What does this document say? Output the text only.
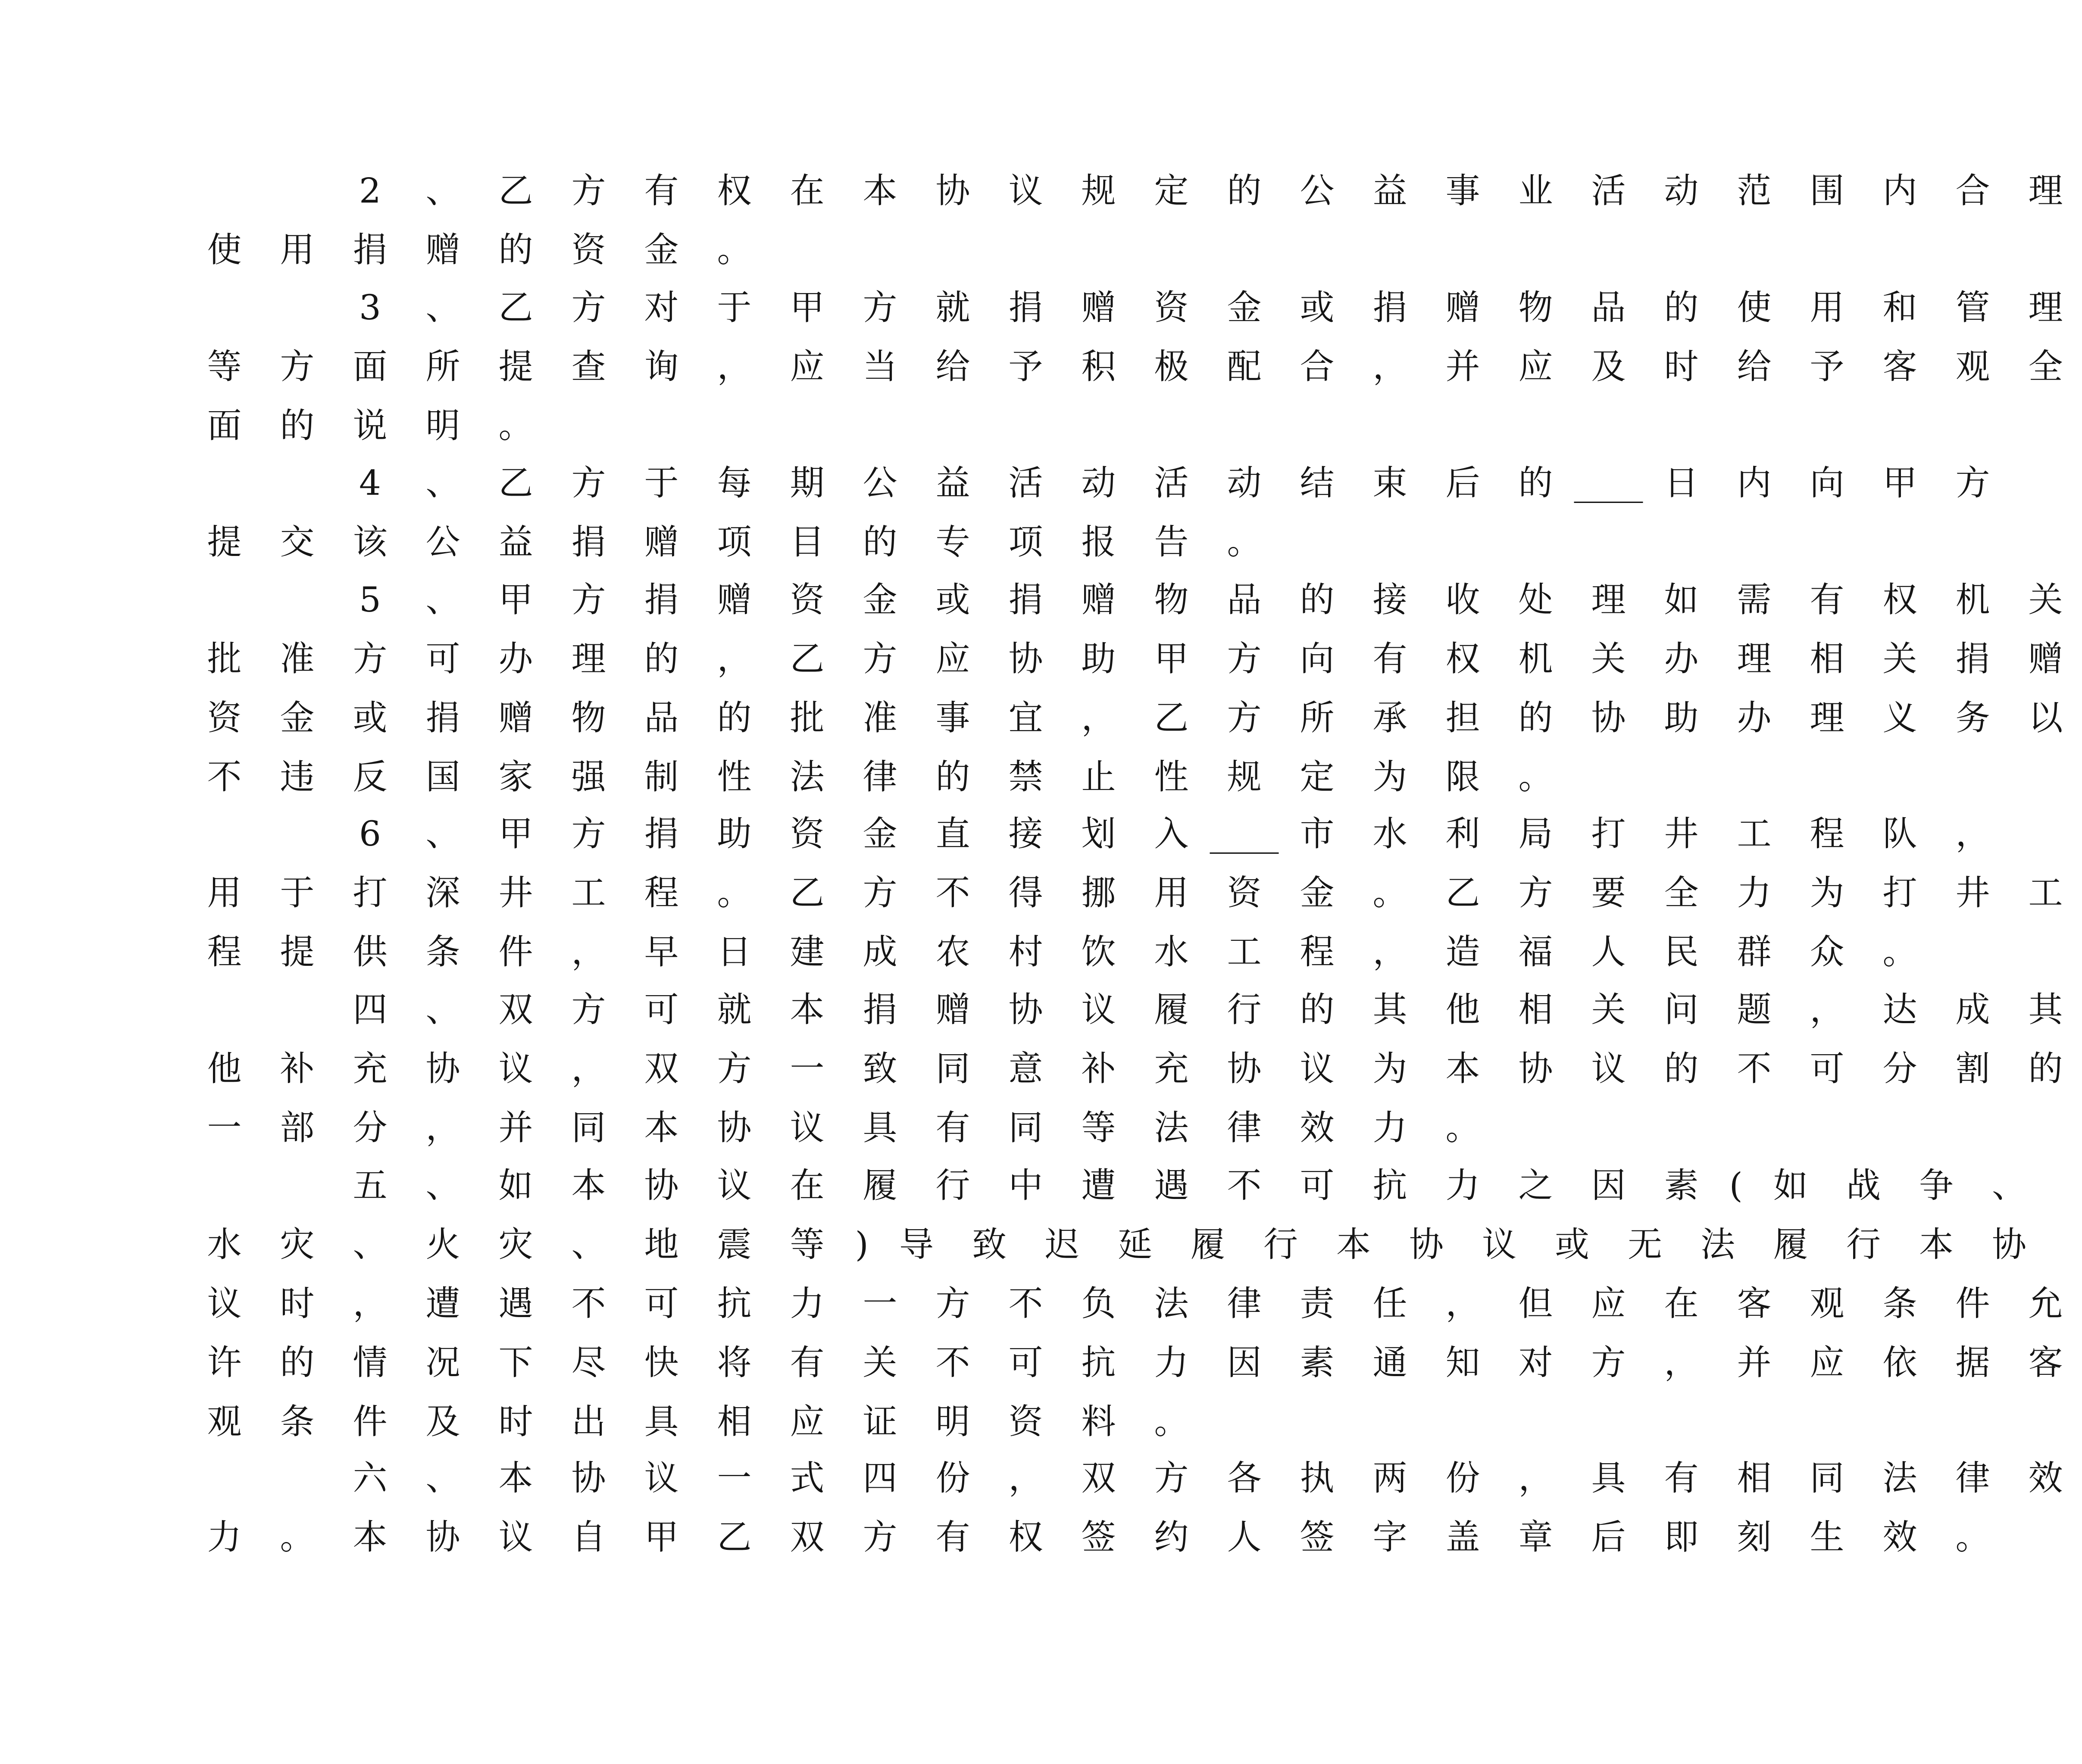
2 、 乙 方 有 权 在 本 协 议 规 定 的 公 益 事 业 活 动 范 围 内 合 理
使 用 捐 赠 的 资 金 。
3 、 乙 方 对 于 甲 方 就 捐 赠 资 金 或 捐 赠 物 品 的 使 用 和 管 理
等 方 面 所 提 查 询 ， 应 当 给 予 积 极 配 合 ， 并 应 及 时 给 予 客 观 全
面 的 说 明 。
4 、 乙 方 于 每 期 公 益 活 动 活 动 结 束 后 的 ____ 日 内 向 甲 方
提 交 该 公 益 捐 赠 项 目 的 专 项 报 告 。
5 、 甲 方 捐 赠 资 金 或 捐 赠 物 品 的 接 收 处 理 如 需 有 权 机 关
批 准 方 可 办 理 的 ， 乙 方 应 协 助 甲 方 向 有 权 机 关 办 理 相 关 捐 赠
资 金 或 捐 赠 物 品 的 批 准 事 宜 ， 乙 方 所 承 担 的 协 助 办 理 义 务 以
不 违 反 国 家 强 制 性 法 律 的 禁 止 性 规 定 为 限 。
6 、 甲 方 捐 助 资 金 直 接 划 入 ____ 市 水 利 局 打 井 工 程 队 ，
用 于 打 深 井 工 程 。 乙 方 不 得 挪 用 资 金 。 乙 方 要 全 力 为 打 井 工
程 提 供 条 件 ， 早 日 建 成 农 村 饮 水 工 程 ， 造 福 人 民 群 众 。
四 、 双 方 可 就 本 捐 赠 协 议 履 行 的 其 他 相 关 问 题 ， 达 成 其
他 补 充 协 议 ， 双 方 一 致 同 意 补 充 协 议 为 本 协 议 的 不 可 分 割 的
一 部 分 ， 并 同 本 协 议 具 有 同 等 法 律 效 力 。
五 、 如 本 协 议 在 履 行 中 遭 遇 不 可 抗 力 之 因 素 ( 如 战 争 、
水 灾 、 火 灾 、 地 震 等 ) 导 致 迟 延 履 行 本 协 议 或 无 法 履 行 本 协
议 时 ， 遭 遇 不 可 抗 力 一 方 不 负 法 律 责 任 ， 但 应 在 客 观 条 件 允
许 的 情 况 下 尽 快 将 有 关 不 可 抗 力 因 素 通 知 对 方 ， 并 应 依 据 客
观 条 件 及 时 出 具 相 应 证 明 资 料 。
六 、 本 协 议 一 式 四 份 ， 双 方 各 执 两 份 ， 具 有 相 同 法 律 效
力 。 本 协 议 自 甲 乙 双 方 有 权 签 约 人 签 字 盖 章 后 即 刻 生 效 。
